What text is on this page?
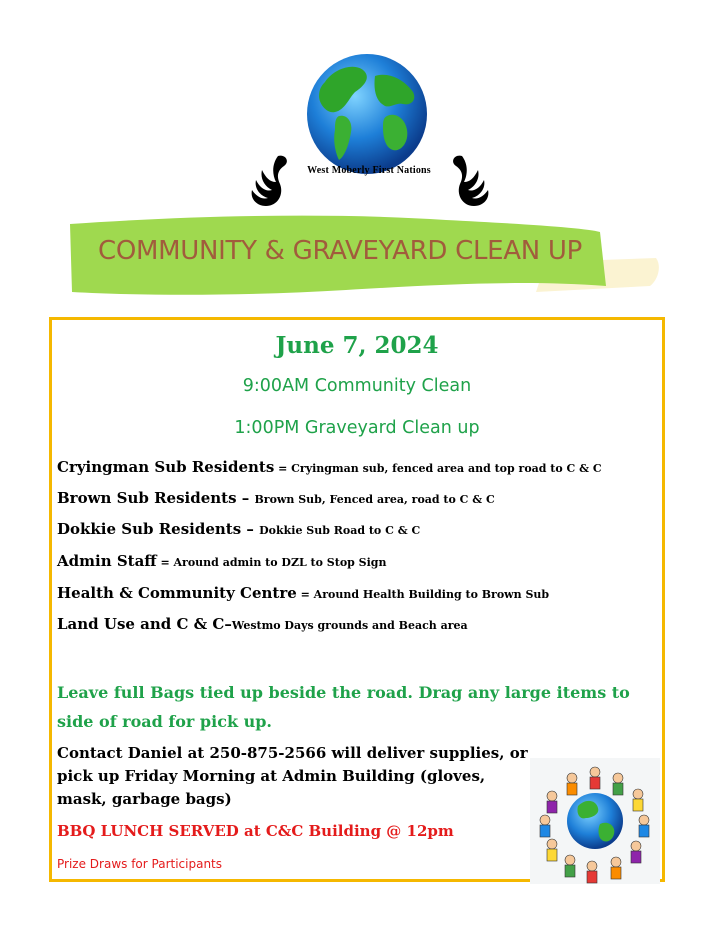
West Moberly First Nations
COMMUNITY & GRAVEYARD CLEAN UP
June 7, 2024
9:00AM Community Clean
1:00PM Graveyard Clean up
Cryingman Sub Residents = Cryingman sub, fenced area and top road to C & C
Brown Sub Residents – Brown Sub, Fenced area, road to C & C
Dokkie Sub Residents – Dokkie Sub Road to C & C
Admin Staff = Around admin to DZL to Stop Sign
Health & Community Centre = Around Health Building to Brown Sub
Land Use and C & C–Westmo Days grounds and Beach area
Leave full Bags tied up beside the road. Drag any large items to side of road for pick up.
Contact Daniel at 250-875-2566 will deliver supplies, or pick up Friday Morning at Admin Building (gloves, mask, garbage bags)
BBQ LUNCH SERVED at C&C Building @ 12pm
Prize Draws for Participants
